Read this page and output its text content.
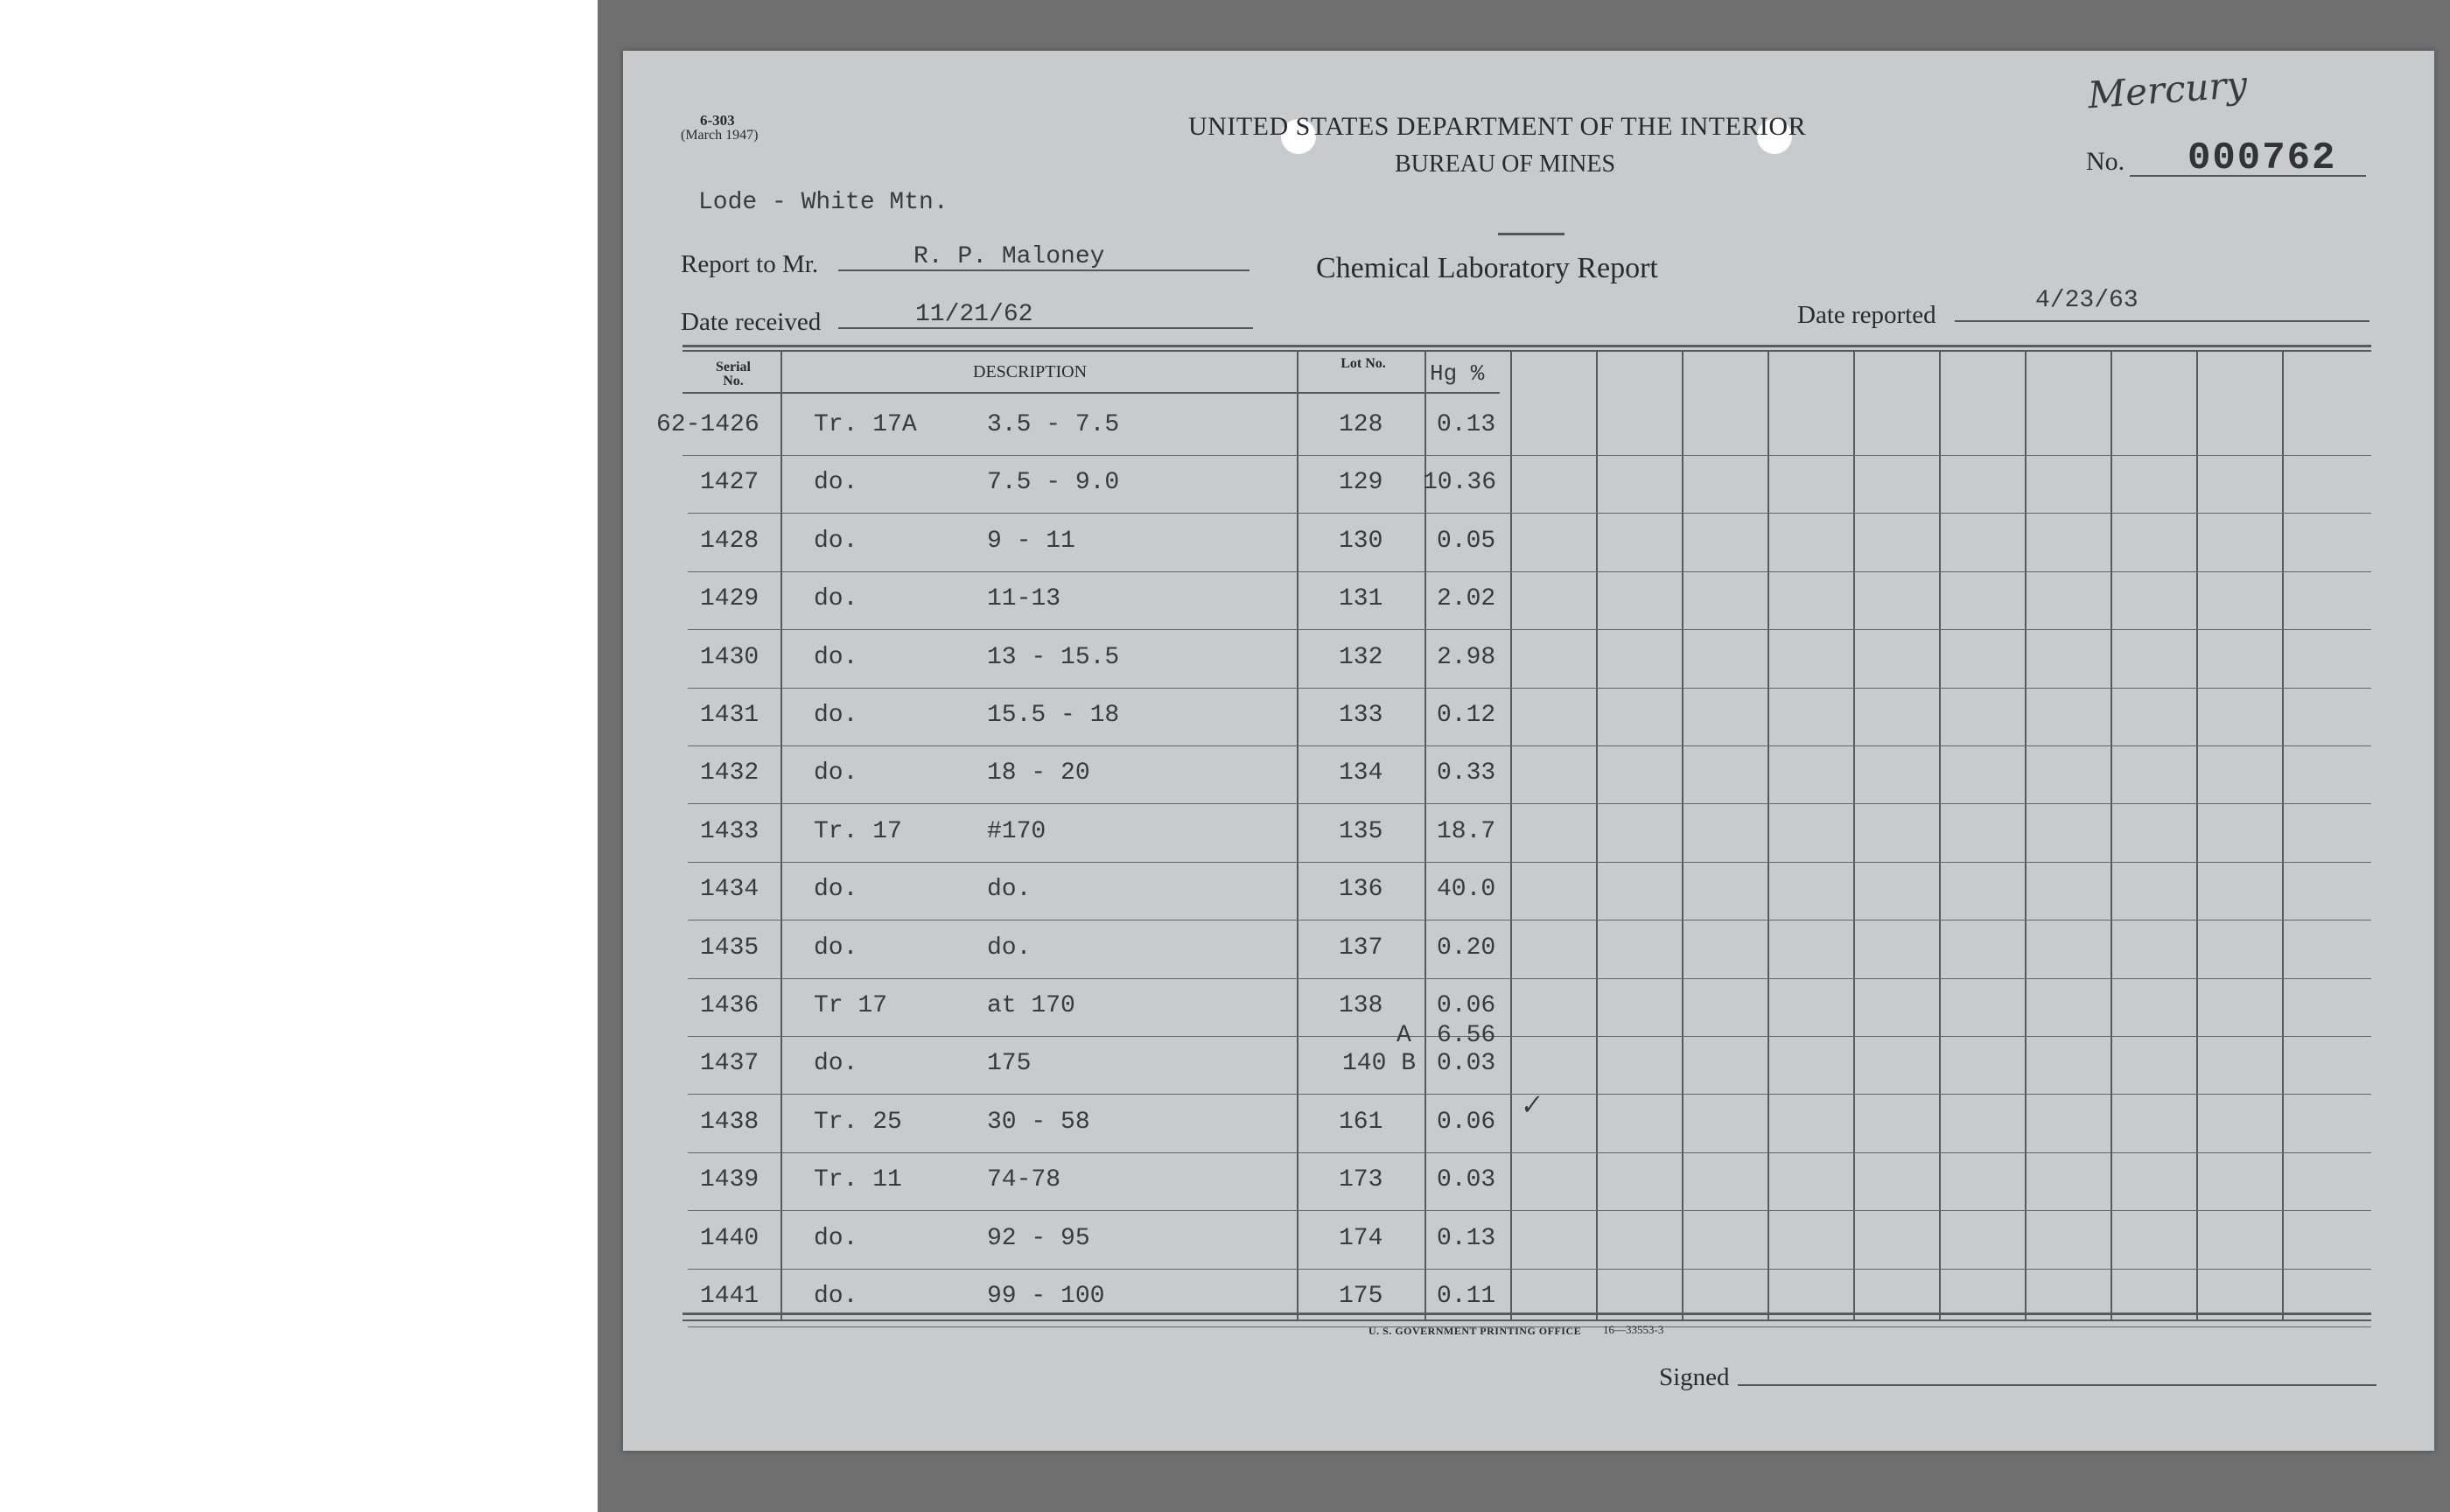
6-303
(March 1947)	UNITED STATES DEPARTMENT OF THE INTERIOR
BUREAU OF MINES
Chemical Laboratory Report
Mercury
No. 000762
Lode - White Mtn.
Report to Mr.	R. P. Maloney
Date received	11/21/62	Date reported
4/23/63
Serial No.	DESCRIPTION	Lot No. Hg %
62-1426 Tr. 17A	3.5 - 7.5	128 0.13
1427 do.	7.5 - 9.0	129 10.36
1428 do.	9 - 11	130 0.05
1429 do.	11-13	131 2.02
1430 do.	13 - 15.5	132 2.98
1431 do.	15.5 - 18	133 0.12
1432 do.	18 - 20	134 0.33
1433 Tr. 17	#170	135 18.7
1434 do.	do.	136 40.0
1435 do.	do.	137 0.20
1436 Tr 17	at 170	138 0.06
1437 do.	175	140 B 0.03
A 6.56
1438 Tr. 25	30 - 58	161 0.06
1439 Tr. 11	74-78	173 0.03
1440 do.	92 - 95	174 0.13
1441 do.	99 - 100	175 0.11
✓
U. S. GOVERNMENT PRINTING OFFICE 16—33553-3
Signed
